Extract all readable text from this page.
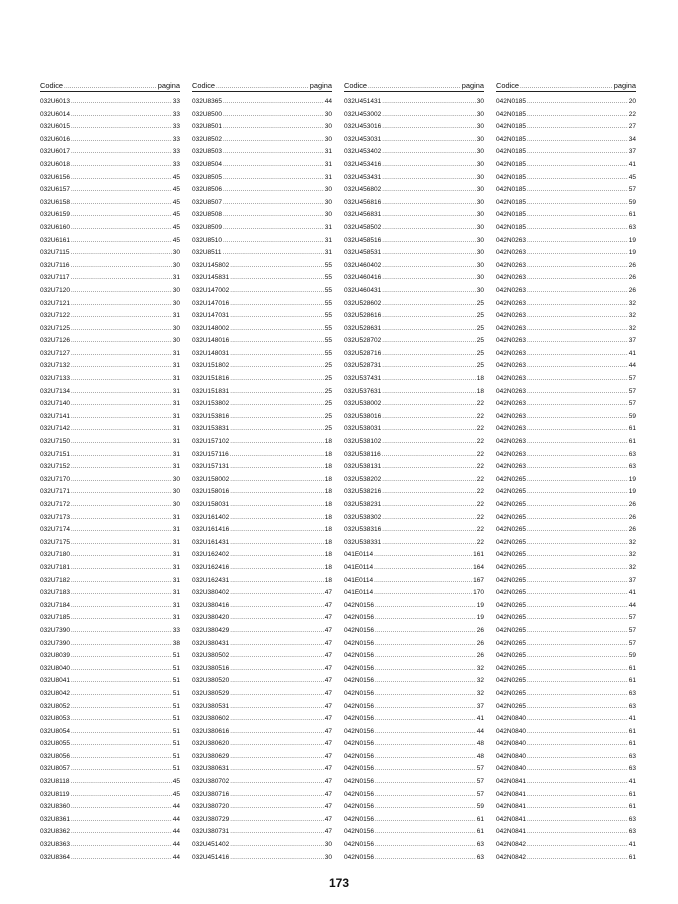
Codice .....	pagina
032U6013 .....	33
032U6014 .....	33
032U6015 .....	33
032U6016 .....	33
032U6017 .....	33
032U6018 .....	33
032U6156 .....	45
032U6157 .....	45
032U6158 .....	45
032U6159 .....	45
032U6160 .....	45
032U6161 .....	45
032U7115 .....	30
032U7116 .....	30
032U7117 .....	31
032U7120 .....	30
032U7121 .....	30
032U7122 .....	31
032U7125 .....	30
032U7126 .....	30
032U7127 .....	31
032U7132 .....	31
032U7133 .....	31
032U7134 .....	31
032U7140 .....	31
032U7141 .....	31
032U7142 .....	31
032U7150 .....	31
032U7151 .....	31
032U7152 .....	31
032U7170 .....	30
032U7171 .....	30
032U7172 .....	30
032U7173 .....	31
032U7174 .....	31
032U7175 .....	31
032U7180 .....	31
032U7181 .....	31
032U7182 .....	31
032U7183 .....	31
032U7184 .....	31
032U7185 .....	31
032U7390 .....	33
032U7390 .....	38
032U8039 .....	51
032U8040 .....	51
032U8041 .....	51
032U8042 .....	51
032U8052 .....	51
032U8053 .....	51
032U8054 .....	51
032U8055 .....	51
032U8056 .....	51
032U8057 .....	51
032U8118 .....	45
032U8119 .....	45
032U8360 .....	44
032U8361 .....	44
032U8362 .....	44
032U8363 .....	44
032U8364 .....	44
Codice .....	pagina
032U8365 .....	44
032U8500 .....	30
032U8501 .....	30
032U8502 .....	30
032U8503 .....	31
032U8504 .....	31
032U8505 .....	31
032U8506 .....	30
032U8507 .....	30
032U8508 .....	30
032U8509 .....	31
032U8510 .....	31
032U8511 .....	31
032U145802 .....	55
032U145831 .....	55
032U147002 .....	55
032U147016 .....	55
032U147031 .....	55
032U148002 .....	55
032U148016 .....	55
032U148031 .....	55
032U151802 .....	25
032U151816 .....	25
032U151831 .....	25
032U153802 .....	25
032U153816 .....	25
032U153831 .....	25
032U157102 .....	18
032U157116 .....	18
032U157131 .....	18
032U158002 .....	18
032U158016 .....	18
032U158031 .....	18
032U161402 .....	18
032U161416 .....	18
032U161431 .....	18
032U162402 .....	18
032U162416 .....	18
032U162431 .....	18
032U380402 .....	47
032U380416 .....	47
032U380420 .....	47
032U380429 .....	47
032U380431 .....	47
032U380502 .....	47
032U380516 .....	47
032U380520 .....	47
032U380529 .....	47
032U380531 .....	47
032U380602 .....	47
032U380616 .....	47
032U380620 .....	47
032U380629 .....	47
032U380631 .....	47
032U380702 .....	47
032U380716 .....	47
032U380720 .....	47
032U380729 .....	47
032U380731 .....	47
032U451402 .....	30
032U451416 .....	30
Codice .....	pagina
032U451431 .....	30
032U453002 .....	30
032U453016 .....	30
032U453031 .....	30
032U453402 .....	30
032U453416 .....	30
032U453431 .....	30
032U456802 .....	30
032U456816 .....	30
032U456831 .....	30
032U458502 .....	30
032U458516 .....	30
032U458531 .....	30
032U460402 .....	30
032U460416 .....	30
032U460431 .....	30
032U528602 .....	25
032U528616 .....	25
032U528631 .....	25
032U528702 .....	25
032U528716 .....	25
032U528731 .....	25
032U537431 .....	18
032U537631 .....	18
032U538002 .....	22
032U538016 .....	22
032U538031 .....	22
032U538102 .....	22
032U538116 .....	22
032U538131 .....	22
032U538202 .....	22
032U538216 .....	22
032U538231 .....	22
032U538302 .....	22
032U538316 .....	22
032U538331 .....	22
041E0114 .....	161
041E0114 .....	164
041E0114 .....	167
041E0114 .....	170
042N0156 .....	19
042N0156 .....	19
042N0156 .....	26
042N0156 .....	26
042N0156 .....	26
042N0156 .....	32
042N0156 .....	32
042N0156 .....	32
042N0156 .....	37
042N0156 .....	41
042N0156 .....	44
042N0156 .....	48
042N0156 .....	48
042N0156 .....	57
042N0156 .....	57
042N0156 .....	57
042N0156 .....	59
042N0156 .....	61
042N0156 .....	61
042N0156 .....	63
042N0156 .....	63
Codice .....	pagina
042N0185 .....	20
042N0185 .....	22
042N0185 .....	27
042N0185 .....	34
042N0185 .....	37
042N0185 .....	41
042N0185 .....	45
042N0185 .....	57
042N0185 .....	59
042N0185 .....	61
042N0185 .....	63
042N0263 .....	19
042N0263 .....	19
042N0263 .....	26
042N0263 .....	26
042N0263 .....	26
042N0263 .....	32
042N0263 .....	32
042N0263 .....	32
042N0263 .....	37
042N0263 .....	41
042N0263 .....	44
042N0263 .....	57
042N0263 .....	57
042N0263 .....	57
042N0263 .....	59
042N0263 .....	61
042N0263 .....	61
042N0263 .....	63
042N0263 .....	63
042N0265 .....	19
042N0265 .....	19
042N0265 .....	26
042N0265 .....	26
042N0265 .....	26
042N0265 .....	32
042N0265 .....	32
042N0265 .....	32
042N0265 .....	37
042N0265 .....	41
042N0265 .....	44
042N0265 .....	57
042N0265 .....	57
042N0265 .....	57
042N0265 .....	59
042N0265 .....	61
042N0265 .....	61
042N0265 .....	63
042N0265 .....	63
042N0840 .....	41
042N0840 .....	61
042N0840 .....	61
042N0840 .....	63
042N0840 .....	63
042N0841 .....	41
042N0841 .....	61
042N0841 .....	61
042N0841 .....	63
042N0841 .....	63
042N0842 .....	41
042N0842 .....	61
173
